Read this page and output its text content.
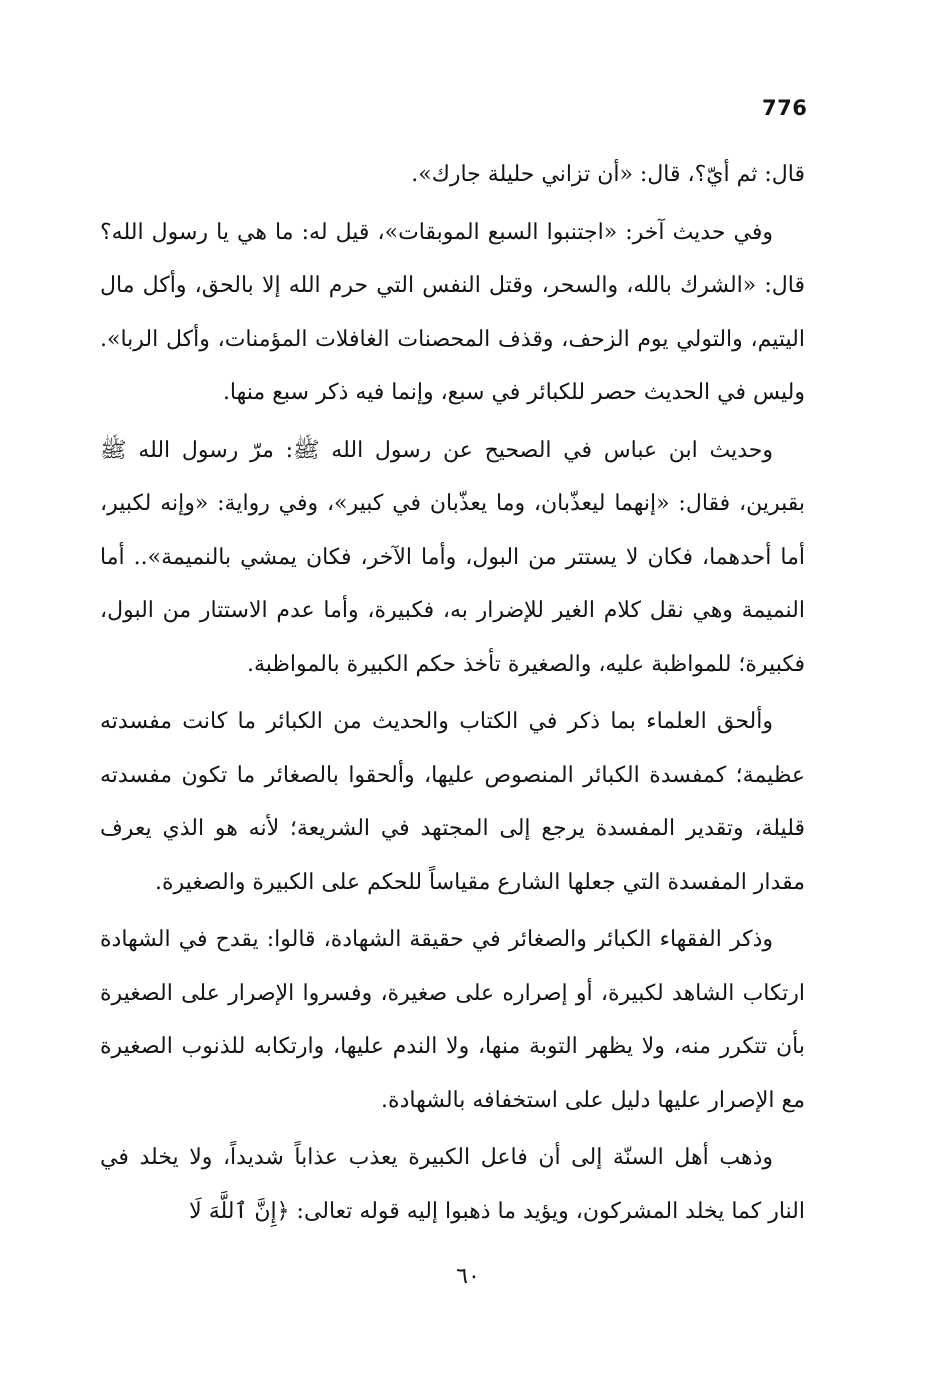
776

قال: ثم أيّ؟، قال: «أن تزاني حليلة جارك».

وفي حديث آخر: «اجتنبوا السبع الموبقات»، قيل له: ما هي يا رسول الله؟ قال: «الشرك بالله، والسحر، وقتل النفس التي حرم الله إلا بالحق، وأكل مال اليتيم، والتولي يوم الزحف، وقذف المحصنات الغافلات المؤمنات، وأكل الربا». وليس في الحديث حصر للكبائر في سبع، وإنما فيه ذكر سبع منها.

وحديث ابن عباس في الصحيح عن رسول الله ﷺ: مرّ رسول الله ﷺ بقبرين، فقال: «إنهما ليعذّبان، وما يعذّبان في كبير»، وفي رواية: «وإنه لكبير، أما أحدهما، فكان لا يستتر من البول، وأما الآخر، فكان يمشي بالنميمة».. أما النميمة وهي نقل كلام الغير للإضرار به، فكبيرة، وأما عدم الاستتار من البول، فكبيرة؛ للمواظبة عليه، والصغيرة تأخذ حكم الكبيرة بالمواظبة.

وألحق العلماء بما ذكر في الكتاب والحديث من الكبائر ما كانت مفسدته عظيمة؛ كمفسدة الكبائر المنصوص عليها، وألحقوا بالصغائر ما تكون مفسدته قليلة، وتقدير المفسدة يرجع إلى المجتهد في الشريعة؛ لأنه هو الذي يعرف مقدار المفسدة التي جعلها الشارع مقياساً للحكم على الكبيرة والصغيرة.

وذكر الفقهاء الكبائر والصغائر في حقيقة الشهادة، قالوا: يقدح في الشهادة ارتكاب الشاهد لكبيرة، أو إصراره على صغيرة، وفسروا الإصرار على الصغيرة بأن تتكرر منه، ولا يظهر التوبة منها، ولا الندم عليها، وارتكابه للذنوب الصغيرة مع الإصرار عليها دليل على استخفافه بالشهادة.

وذهب أهل السنّة إلى أن فاعل الكبيرة يعذب عذاباً شديداً، ولا يخلد في النار كما يخلد المشركون، ويؤيد ما ذهبوا إليه قوله تعالى: ﴿إِنَّ ٱللَّهَ لَا

٦٠
